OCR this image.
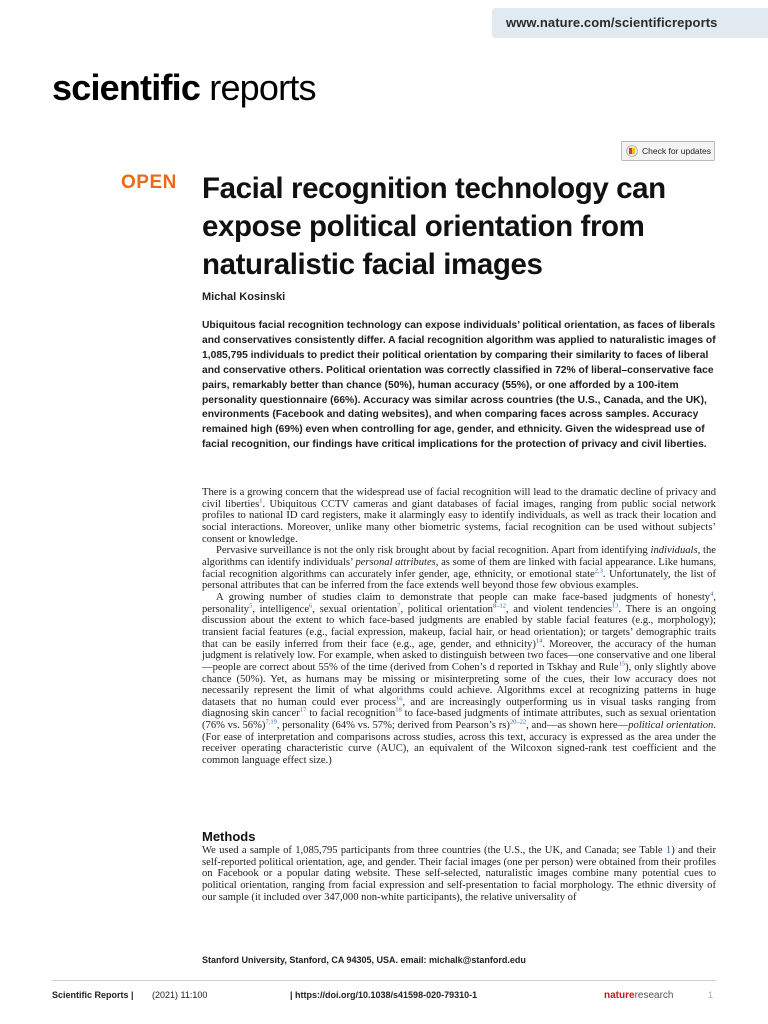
www.nature.com/scientificreports
scientific reports
Check for updates
OPEN Facial recognition technology can expose political orientation from naturalistic facial images
Michal Kosinski
Ubiquitous facial recognition technology can expose individuals’ political orientation, as faces of liberals and conservatives consistently differ. A facial recognition algorithm was applied to naturalistic images of 1,085,795 individuals to predict their political orientation by comparing their similarity to faces of liberal and conservative others. Political orientation was correctly classified in 72% of liberal–conservative face pairs, remarkably better than chance (50%), human accuracy (55%), or one afforded by a 100-item personality questionnaire (66%). Accuracy was similar across countries (the U.S., Canada, and the UK), environments (Facebook and dating websites), and when comparing faces across samples. Accuracy remained high (69%) even when controlling for age, gender, and ethnicity. Given the widespread use of facial recognition, our findings have critical implications for the protection of privacy and civil liberties.

There is a growing concern that the widespread use of facial recognition will lead to the dramatic decline of privacy and civil liberties$^1$. Ubiquitous CCTV cameras and giant databases of facial images, ranging from public social network profiles to national ID card registers, make it alarmingly easy to identify individuals, as well as track their location and social interactions. Moreover, unlike many other biometric systems, facial recognition can be used without subjects’ consent or knowledge.

Pervasive surveillance is not the only risk brought about by facial recognition. Apart from identifying individuals, the algorithms can identify individuals’ personal attributes, as some of them are linked with facial appearance. Like humans, facial recognition algorithms can accurately infer gender, age, ethnicity, or emotional state$^{2,3}$. Unfortunately, the list of personal attributes that can be inferred from the face extends well beyond those few obvious examples.

A growing number of studies claim to demonstrate that people can make face-based judgments of honesty$^4$, personality$^5$, intelligence$^6$, sexual orientation$^7$, political orientation$^{8-12}$, and violent tendencies$^{13}$. There is an ongoing discussion about the extent to which face-based judgments are enabled by stable facial features (e.g., morphology); transient facial features (e.g., facial expression, makeup, facial hair, or head orientation); or targets’ demographic traits that can be easily inferred from their face (e.g., age, gender, and ethnicity)$^{14}$. Moreover, the accuracy of the human judgment is relatively low. For example, when asked to distinguish between two faces—one conservative and one liberal—people are correct about 55% of the time (derived from Cohen’s d reported in Tskhay and Rule$^{15}$), only slightly above chance (50%). Yet, as humans may be missing or misinterpreting some of the cues, their low accuracy does not necessarily represent the limit of what algorithms could achieve. Algorithms excel at recognizing patterns in huge datasets that no human could ever process$^{16}$, and are increasingly outperforming us in visual tasks ranging from diagnosing skin cancer$^{17}$ to facial recognition$^{18}$ to face-based judgments of intimate attributes, such as sexual orientation (76% vs. 56%)$^{7,19}$, personality (64% vs. 57%; derived from Pearson’s rs)$^{20-22}$, and—as shown here—political orientation. (For ease of interpretation and comparisons across studies, across this text, accuracy is expressed as the area under the receiver operating characteristic curve (AUC), an equivalent of the Wilcoxon signed-rank test coefficient and the common language effect size.)

Methods
We used a sample of 1,085,795 participants from three countries (the U.S., the UK, and Canada; see Table 1) and their self-reported political orientation, age, and gender. Their facial images (one per person) were obtained from their profiles on Facebook or a popular dating website. These self-selected, naturalistic images combine many potential cues to political orientation, ranging from facial expression and self-presentation to facial morphology. The ethnic diversity of our sample (it included over 347,000 non-white participants), the relative universality of
Stanford University, Stanford, CA 94305, USA. email: michalk@stanford.edu
Scientific Reports | (2021) 11:100	| https://doi.org/10.1038/s41598-020-79310-1	natureresearch	1
